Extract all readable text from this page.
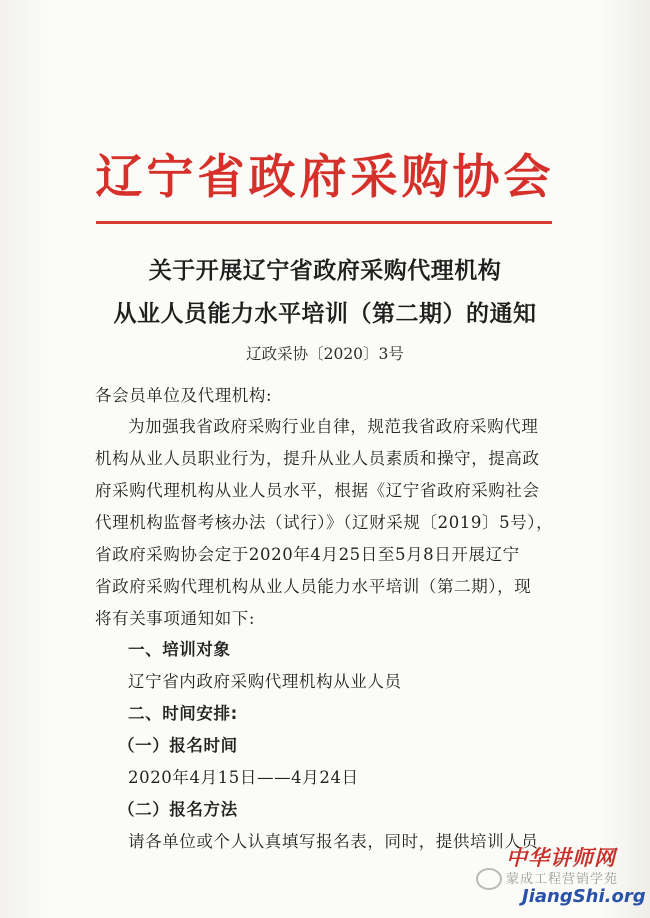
辽宁省政府采购协会
关于开展辽宁省政府采购代理机构
从业人员能力水平培训（第二期）的通知
辽政采协〔2020〕3号
各会员单位及代理机构:
为加强我省政府采购行业自律，规范我省政府采购代理
机构从业人员职业行为，提升从业人员素质和操守，提高政
府采购代理机构从业人员水平，根据《辽宁省政府采购社会
代理机构监督考核办法（试行）》（辽财采规〔2019〕5号），
省政府采购协会定于2020年4月25日至5月8日开展辽宁
省政府采购代理机构从业人员能力水平培训（第二期），现
将有关事项通知如下:
一、培训对象
辽宁省内政府采购代理机构从业人员
二、时间安排:
（一）报名时间
2020年4月15日——4月24日
（二）报名方法
请各单位或个人认真填写报名表，同时，提供培训人员
中华讲师网
蒙成工程营销学苑
JiangShi.org
